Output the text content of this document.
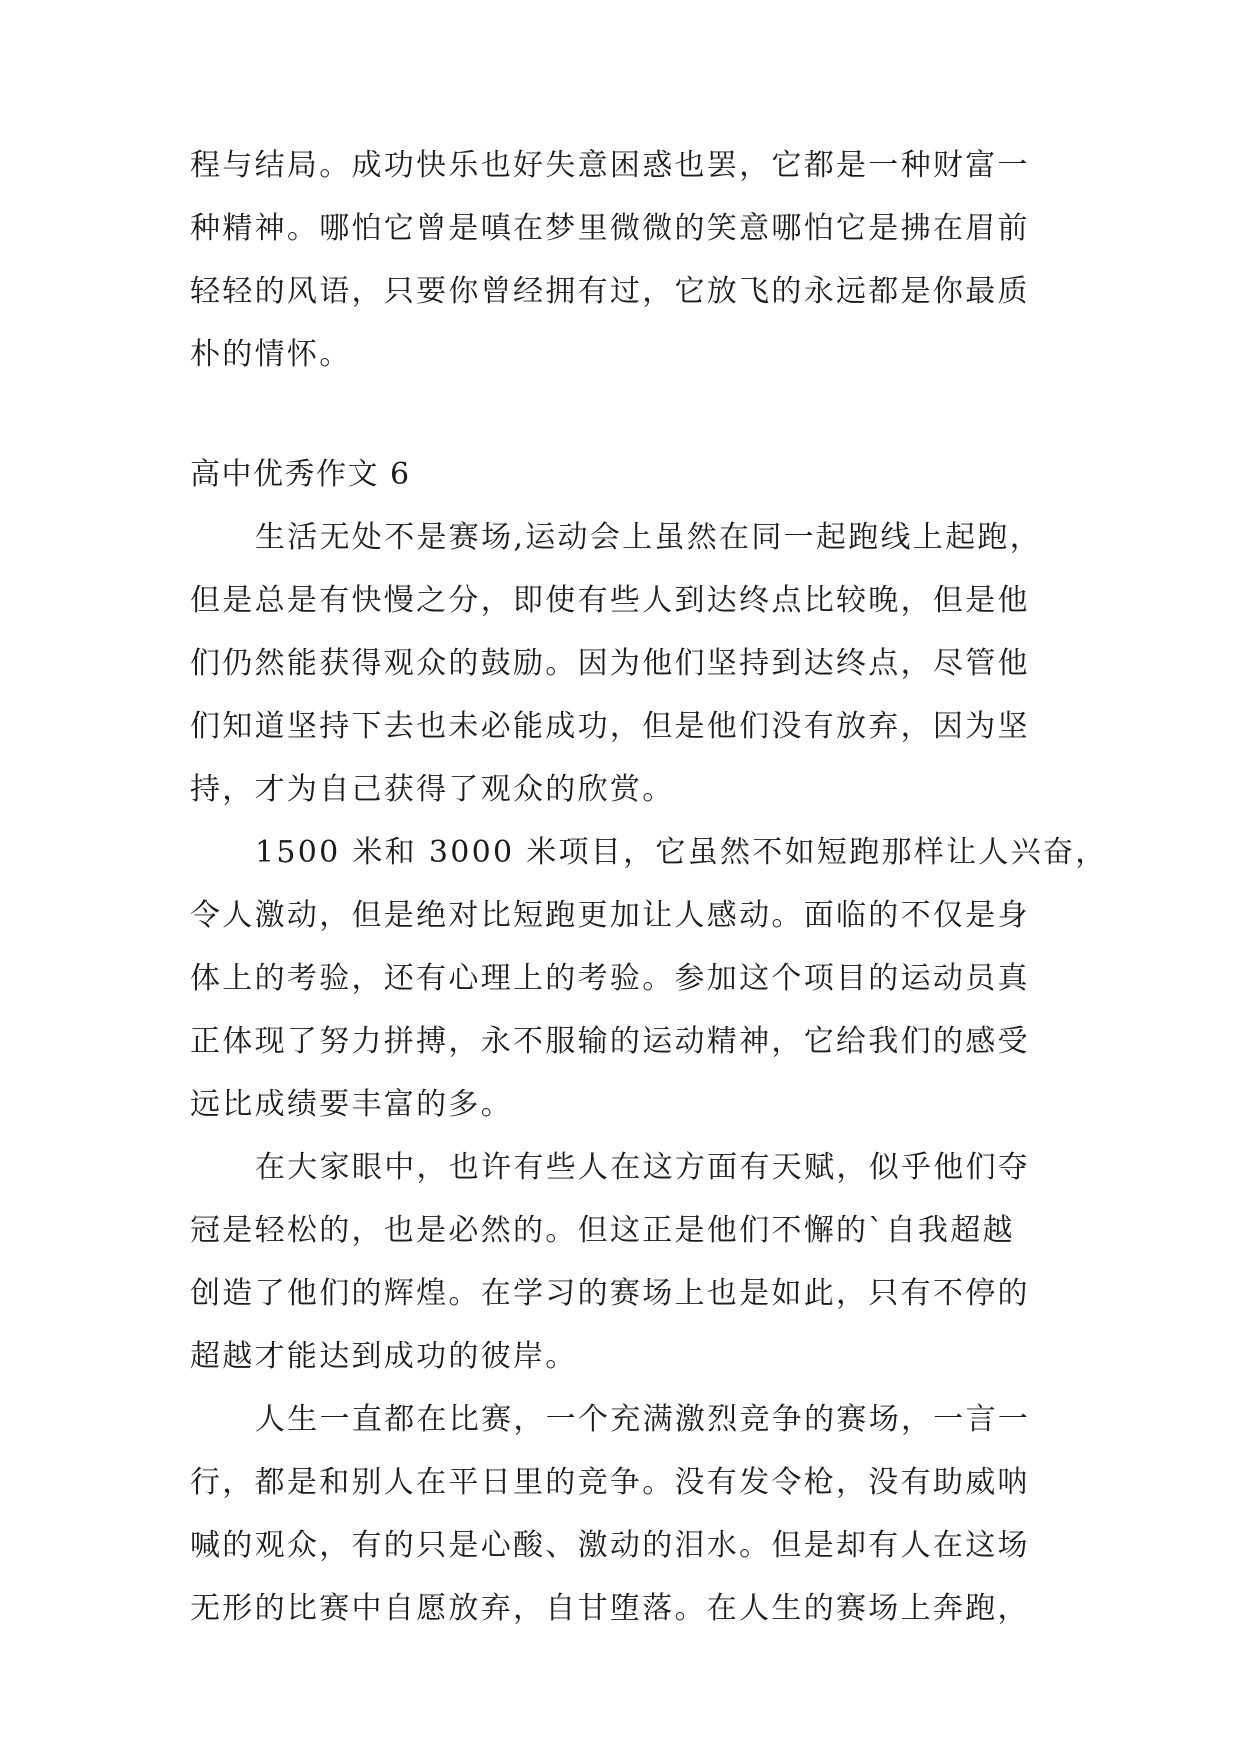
程与结局。成功快乐也好失意困惑也罢，它都是一种财富一
种精神。哪怕它曾是嗔在梦里微微的笑意哪怕它是拂在眉前
轻轻的风语，只要你曾经拥有过，它放飞的永远都是你最质
朴的情怀。
高中优秀作文 6
生活无处不是赛场,运动会上虽然在同一起跑线上起跑，
但是总是有快慢之分，即使有些人到达终点比较晚，但是他
们仍然能获得观众的鼓励。因为他们坚持到达终点，尽管他
们知道坚持下去也未必能成功，但是他们没有放弃，因为坚
持，才为自己获得了观众的欣赏。
1500 米和 3000 米项目，它虽然不如短跑那样让人兴奋，
令人激动，但是绝对比短跑更加让人感动。面临的不仅是身
体上的考验，还有心理上的考验。参加这个项目的运动员真
正体现了努力拼搏，永不服输的运动精神，它给我们的感受
远比成绩要丰富的多。
在大家眼中，也许有些人在这方面有天赋，似乎他们夺
冠是轻松的，也是必然的。但这正是他们不懈的`自我超越
创造了他们的辉煌。在学习的赛场上也是如此，只有不停的
超越才能达到成功的彼岸。
人生一直都在比赛，一个充满激烈竞争的赛场，一言一
行，都是和别人在平日里的竞争。没有发令枪，没有助威呐
喊的观众，有的只是心酸、激动的泪水。但是却有人在这场
无形的比赛中自愿放弃，自甘堕落。在人生的赛场上奔跑，
